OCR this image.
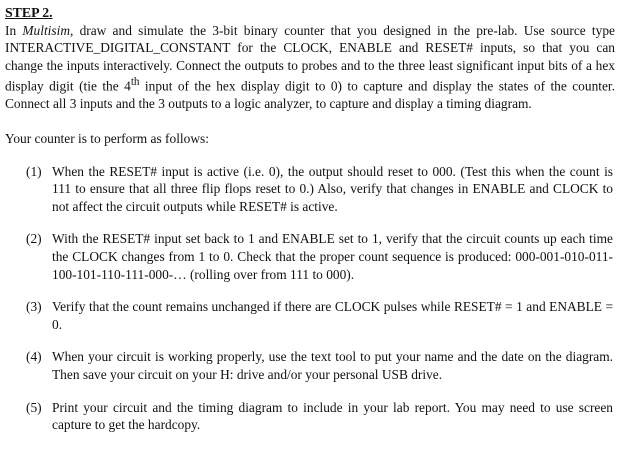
STEP 2.

In Multisim, draw and simulate the 3-bit binary counter that you designed in the pre-lab. Use source type INTERACTIVE_DIGITAL_CONSTANT for the CLOCK, ENABLE and RESET# inputs, so that you can change the inputs interactively. Connect the outputs to probes and to the three least significant input bits of a hex display digit (tie the 4th input of the hex display digit to 0) to capture and display the states of the counter. Connect all 3 inputs and the 3 outputs to a logic analyzer, to capture and display a timing diagram.

Your counter is to perform as follows:

(1) When the RESET# input is active (i.e. 0), the output should reset to 000. (Test this when the count is 111 to ensure that all three flip flops reset to 0.) Also, verify that changes in ENABLE and CLOCK to not affect the circuit outputs while RESET# is active.
(2) With the RESET# input set back to 1 and ENABLE set to 1, verify that the circuit counts up each time the CLOCK changes from 1 to 0. Check that the proper count sequence is produced: 000-001-010-011-100-101-110-111-000-… (rolling over from 111 to 000).
(3) Verify that the count remains unchanged if there are CLOCK pulses while RESET# = 1 and ENABLE = 0.
(4) When your circuit is working properly, use the text tool to put your name and the date on the diagram. Then save your circuit on your H: drive and/or your personal USB drive.
(5) Print your circuit and the timing diagram to include in your lab report. You may need to use screen capture to get the hardcopy.
